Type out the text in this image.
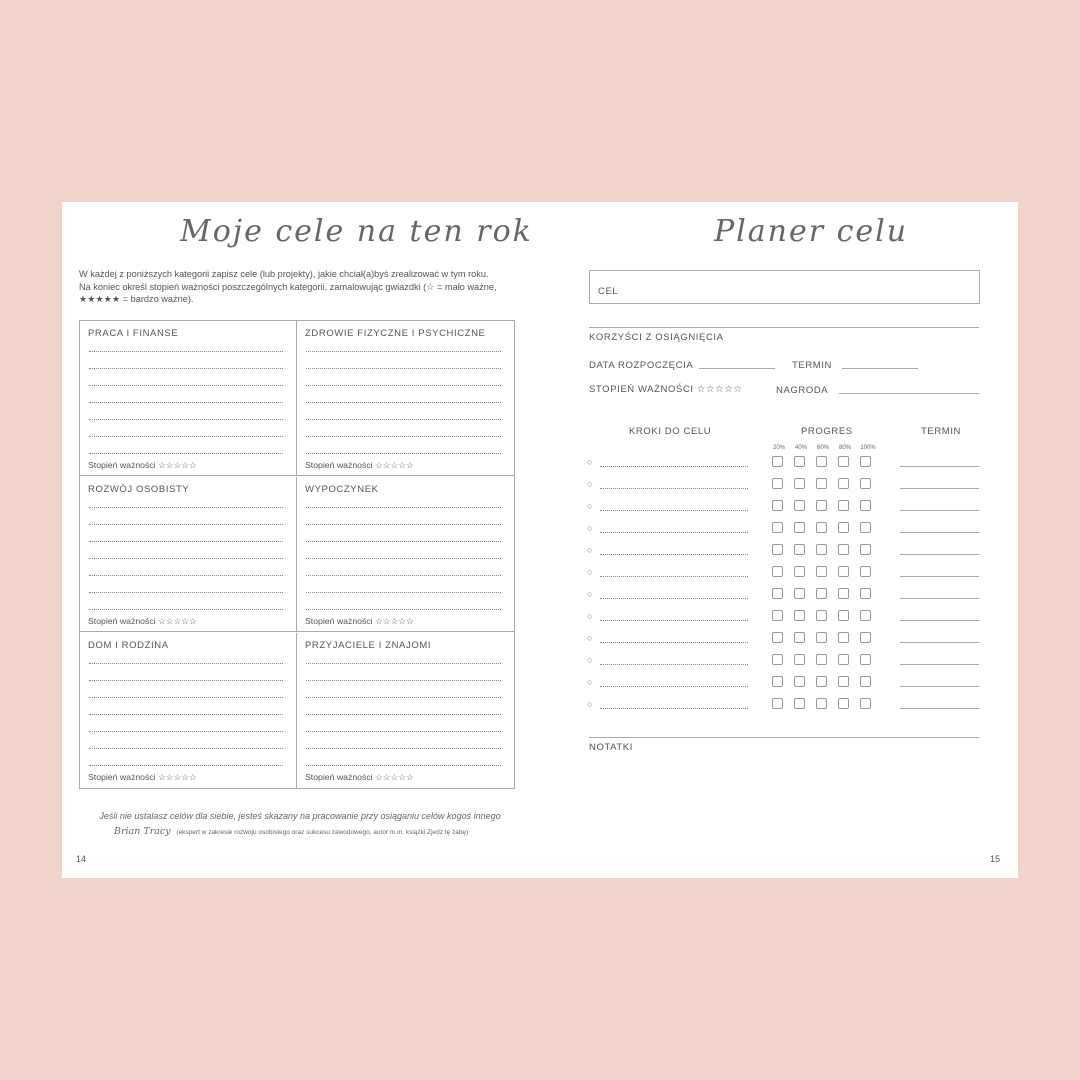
Moje cele na ten rok
W każdej z poniższych kategorii zapisz cele (lub projekty), jakie chciał(a)byś zrealizować w tym roku.
Na koniec określ stopień ważności poszczególnych kategorii, zamalowując gwiazdki (☆ = mało ważne,
★★★★★ = bardzo ważne).
PRACA I FINANSE
Stopień ważności ☆☆☆☆☆
ZDROWIE FIZYCZNE I PSYCHICZNE
Stopień ważności ☆☆☆☆☆
ROZWÓJ OSOBISTY
Stopień ważności ☆☆☆☆☆
WYPOCZYNEK
Stopień ważności ☆☆☆☆☆
DOM I RODZINA
Stopień ważności ☆☆☆☆☆
PRZYJACIELE I ZNAJOMI
Stopień ważności ☆☆☆☆☆
Jeśli nie ustalasz celów dla siebie, jesteś skazany na pracowanie przy osiąganiu celów kogoś innego
Brian Tracy (ekspert w zakresie rozwoju osobistego oraz sukcesu zawodowego, autor m.in. książki Zjedz tę żabę)
14
Planer celu
CEL
KORZYŚCI Z OSIĄGNIĘCIA
DATA ROZPOCZĘCIA	TERMIN
STOPIEŃ WAŻNOŚCI ☆☆☆☆☆	NAGRODA
KROKI DO CELU	PROGRES	TERMIN
20%	40%	60%	80%	100%
○
○
○
○
○
○
○
○
○
○
○
○
NOTATKI
15
